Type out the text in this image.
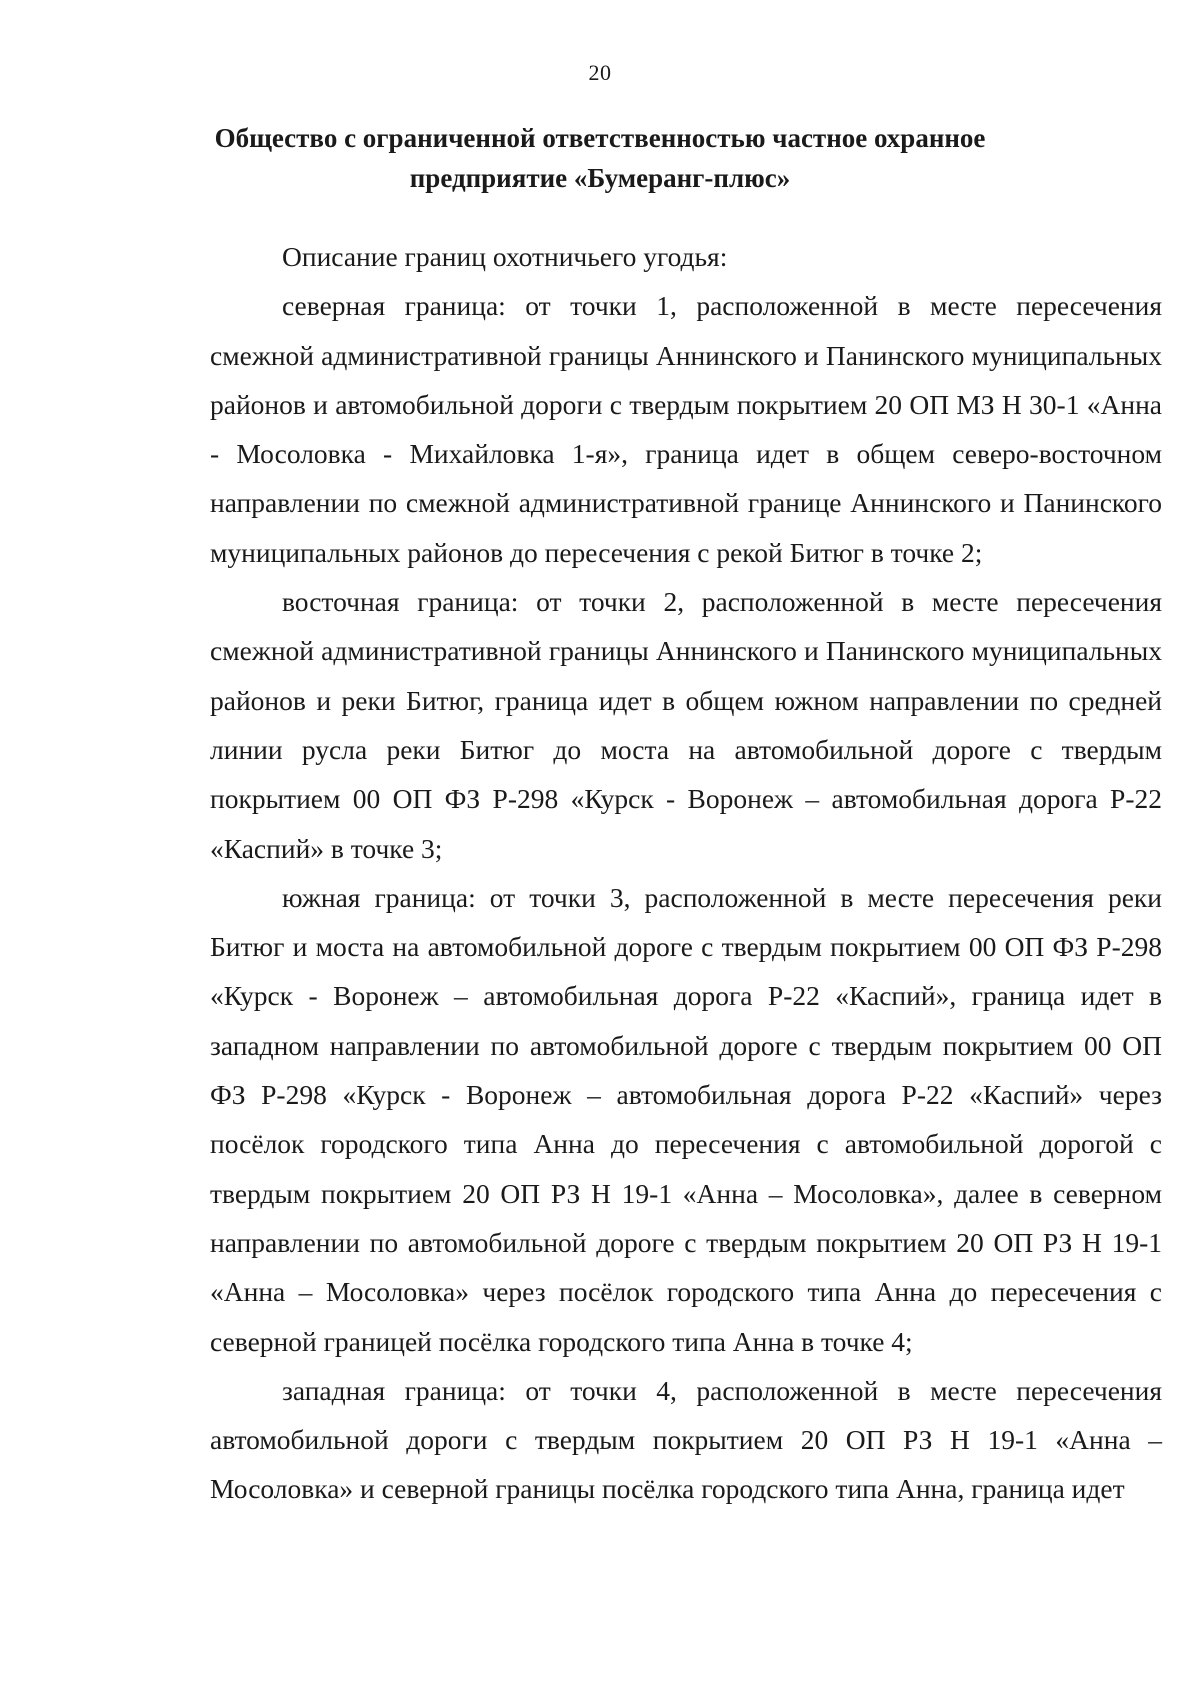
20
Общество с ограниченной ответственностью частное охранное
предприятие «Бумеранг-плюс»

Описание границ охотничьего угодья:

северная граница: от точки 1, расположенной в месте пересечения смежной административной границы Аннинского и Панинского муниципальных районов и автомобильной дороги с твердым покрытием 20 ОП МЗ Н 30-1 «Анна - Мосоловка - Михайловка 1-я», граница идет в общем северо-восточном направлении по смежной административной границе Аннинского и Панинского муниципальных районов до пересечения с рекой Битюг в точке 2;

восточная граница: от точки 2, расположенной в месте пересечения смежной административной границы Аннинского и Панинского муниципальных районов и реки Битюг, граница идет в общем южном направлении по средней линии русла реки Битюг до моста на автомобильной дороге с твердым покрытием 00 ОП ФЗ Р-298 «Курск - Воронеж – автомобильная дорога Р-22 «Каспий» в точке 3;

южная граница: от точки 3, расположенной в месте пересечения реки Битюг и моста на автомобильной дороге с твердым покрытием 00 ОП ФЗ Р-298 «Курск - Воронеж – автомобильная дорога Р-22 «Каспий», граница идет в западном направлении по автомобильной дороге с твердым покрытием 00 ОП ФЗ Р-298 «Курск - Воронеж – автомобильная дорога Р-22 «Каспий» через посёлок городского типа Анна до пересечения с автомобильной дорогой с твердым покрытием 20 ОП РЗ Н 19-1 «Анна – Мосоловка», далее в северном направлении по автомобильной дороге с твердым покрытием 20 ОП РЗ Н 19-1 «Анна – Мосоловка» через посёлок городского типа Анна до пересечения с северной границей посёлка городского типа Анна в точке 4;

западная граница: от точки 4, расположенной в месте пересечения автомобильной дороги с твердым покрытием 20 ОП РЗ Н 19-1 «Анна – Мосоловка» и северной границы посёлка городского типа Анна, граница идет
